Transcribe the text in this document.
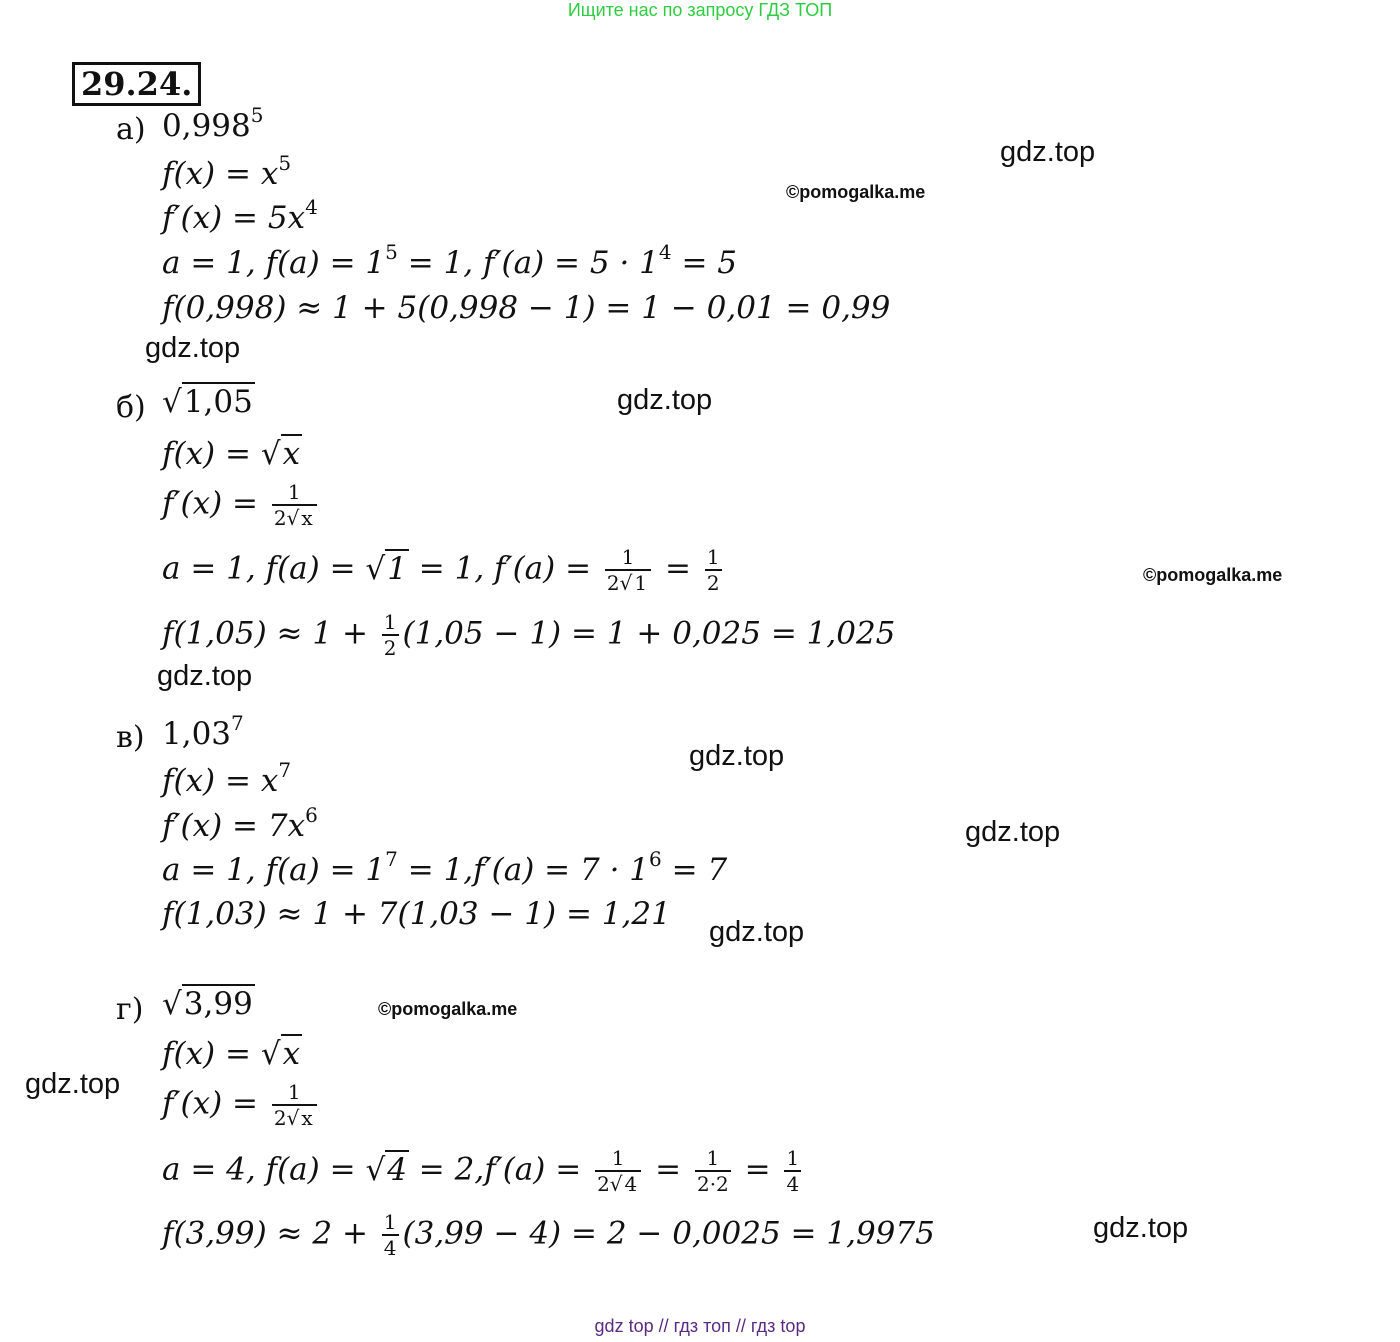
Ищите нас по запросу ГДЗ ТОП
29.24.
а) 0,998$^5$
$f(x) = x^5$
$f'(x) = 5x^4$
a = 1, $f(a) = 1^5 = 1$, $f'(a) = 5 \cdot 1^4 = 5$
f(0,998) ≈ 1 + 5(0,998 − 1) = 1 − 0,01 = 0,99
б) √1,05
f(x) = √x
$f'(x) = \frac{1}{2√ x}$
a = 1, f(a) = √1 = 1, $f'(a) = \frac{1}{2√ 1} = \frac{1}{2}$
$f(1,05) \approx 1 + \frac{1}{2} (1,05 - 1) = 1 + 0,025 = 1,025$
в) 1,03$^7$
$f(x) = x^7$
$f'(x) = 7x^6$
a = 1, $f(a) = 1^7 = 1,f'(a) = 7 \cdot 1^6 = 7$
f(1,03) ≈ 1 + 7(1,03 − 1) = 1,21
г) √3,99
f(x) = √x
$f'(x) = \frac{1}{2√ x}$
a = 4, $f(a) = √4 = 2,f'(a) = \frac{1}{2√ 4} = \frac{1}{2\cdot 2} = \frac{1}{4}$
$f(3,99) \approx 2 + \frac{1}{4} (3,99 - 4) = 2 - 0,0025 = 1,9975$
gdz.top
©pomogalka.me
gdz.top
gdz.top
©pomogalka.me
gdz.top
gdz.top
gdz.top
gdz.top
©pomogalka.me
gdz.top
gdz.top
gdz top // гдз топ // гдз top
